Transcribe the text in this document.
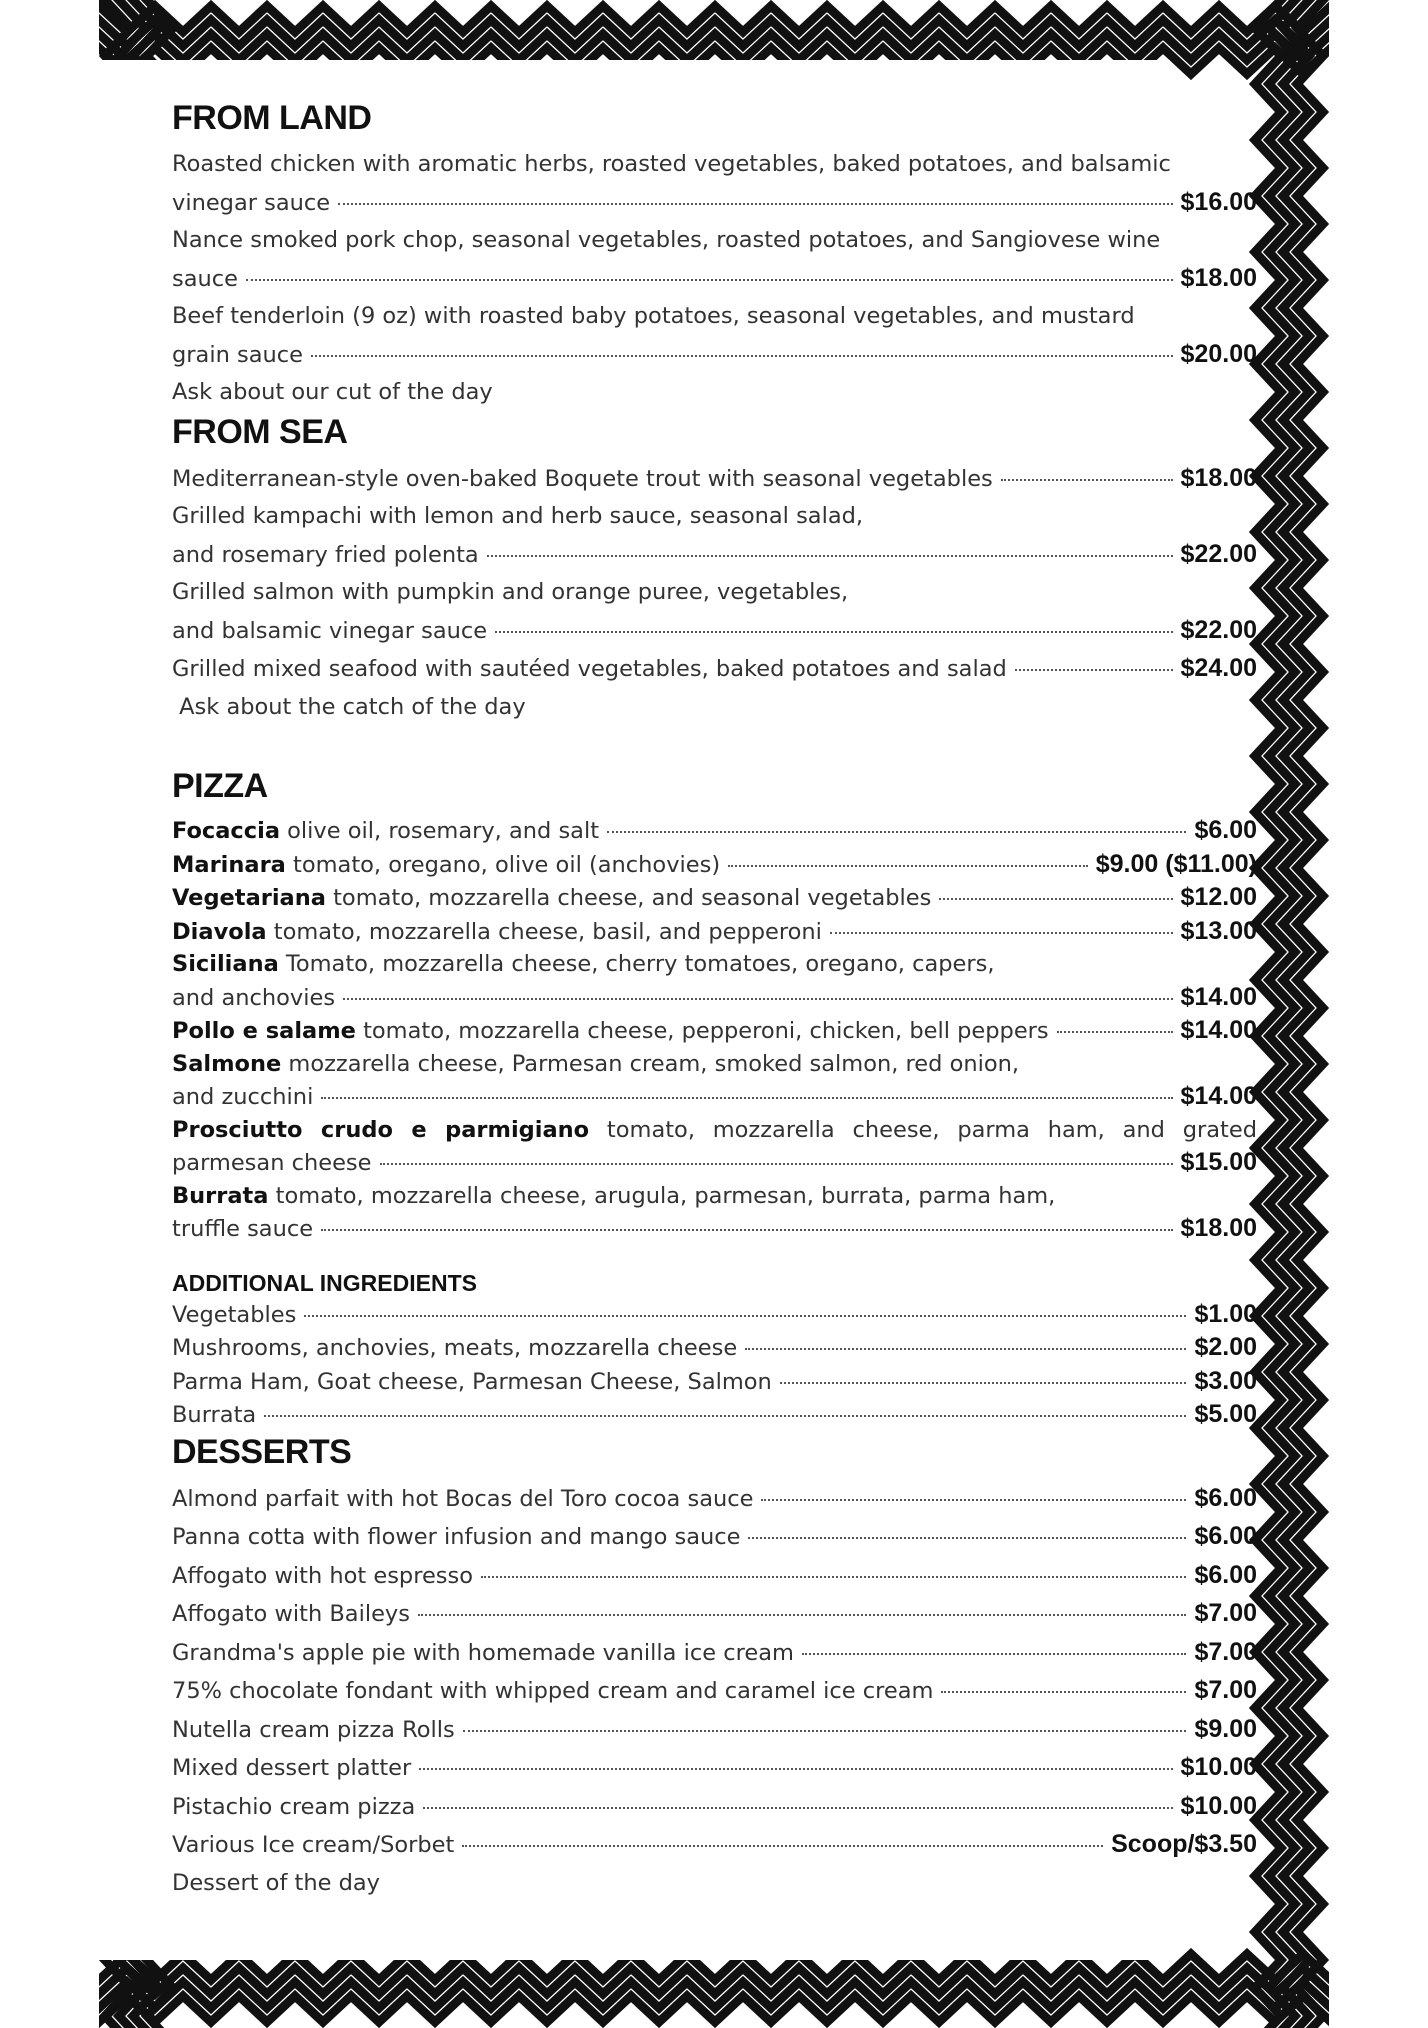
FROM LAND
Roasted chicken with aromatic herbs, roasted vegetables, baked potatoes, and balsamic
vinegar sauce	$16.00
Nance smoked pork chop, seasonal vegetables, roasted potatoes, and Sangiovese wine
sauce	$18.00
Beef tenderloin (9 oz) with roasted baby potatoes, seasonal vegetables, and mustard
grain sauce	$20.00
Ask about our cut of the day
FROM SEA
Mediterranean-style oven-baked Boquete trout with seasonal vegetables	$18.00
Grilled kampachi with lemon and herb sauce, seasonal salad,
and rosemary fried polenta	$22.00
Grilled salmon with pumpkin and orange puree, vegetables,
and balsamic vinegar sauce	$22.00
Grilled mixed seafood with sautéed vegetables, baked potatoes and salad	$24.00
Ask about the catch of the day
PIZZA
Focaccia olive oil, rosemary, and salt	$6.00
Marinara tomato, oregano, olive oil (anchovies)	$9.00 ($11.00)
Vegetariana tomato, mozzarella cheese, and seasonal vegetables	$12.00
Diavola tomato, mozzarella cheese, basil, and pepperoni	$13.00
Siciliana Tomato, mozzarella cheese, cherry tomatoes, oregano, capers,
and anchovies	$14.00
Pollo e salame tomato, mozzarella cheese, pepperoni, chicken, bell peppers	$14.00
Salmone mozzarella cheese, Parmesan cream, smoked salmon, red onion,
and zucchini	$14.00
Prosciutto crudo e parmigiano tomato, mozzarella cheese, parma ham, and grated
parmesan cheese	$15.00
Burrata tomato, mozzarella cheese, arugula, parmesan, burrata, parma ham,
truffle sauce	$18.00
ADDITIONAL INGREDIENTS
Vegetables	$1.00
Mushrooms, anchovies, meats, mozzarella cheese	$2.00
Parma Ham, Goat cheese, Parmesan Cheese, Salmon	$3.00
Burrata	$5.00
DESSERTS
Almond parfait with hot Bocas del Toro cocoa sauce	$6.00
Panna cotta with flower infusion and mango sauce	$6.00
Affogato with hot espresso	$6.00
Affogato with Baileys	$7.00
Grandma's apple pie with homemade vanilla ice cream	$7.00
75% chocolate fondant with whipped cream and caramel ice cream	$7.00
Nutella cream pizza Rolls	$9.00
Mixed dessert platter	$10.00
Pistachio cream pizza	$10.00
Various Ice cream/Sorbet	Scoop/$3.50
Dessert of the day
